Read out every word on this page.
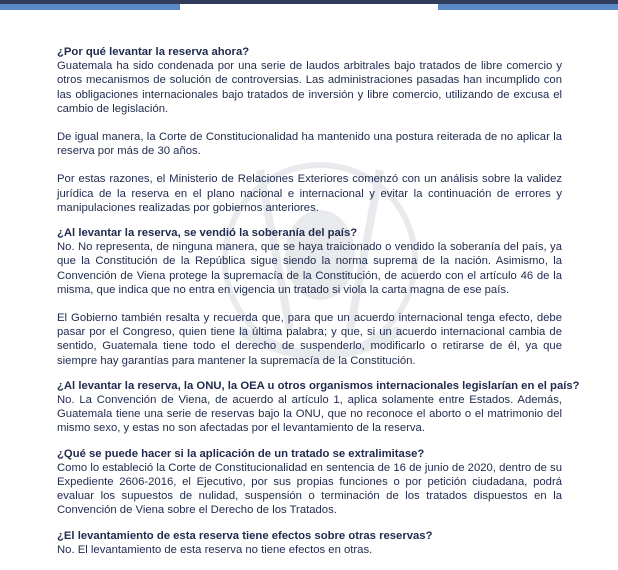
¿Por qué levantar la reserva ahora?

Guatemala ha sido condenada por una serie de laudos arbitrales bajo tratados de libre comercio y otros mecanismos de solución de controversias. Las administraciones pasadas han incumplido con las obligaciones internacionales bajo tratados de inversión y libre comercio, utilizando de excusa el cambio de legislación.

De igual manera, la Corte de Constitucionalidad ha mantenido una postura reiterada de no aplicar la reserva por más de 30 años.

Por estas razones, el Ministerio de Relaciones Exteriores comenzó con un análisis sobre la validez jurídica de la reserva en el plano nacional e internacional y evitar la continuación de errores y manipulaciones realizadas por gobiernos anteriores.

¿Al levantar la reserva, se vendió la soberanía del país?

No. No representa, de ninguna manera, que se haya traicionado o vendido la soberanía del país, ya que la Constitución de la República sigue siendo la norma suprema de la nación. Asimismo, la Convención de Viena protege la supremacía de la Constitución, de acuerdo con el artículo 46 de la misma, que indica que no entra en vigencia un tratado si viola la carta magna de ese país.

El Gobierno también resalta y recuerda que, para que un acuerdo internacional tenga efecto, debe pasar por el Congreso, quien tiene la última palabra; y que, si un acuerdo internacional cambia de sentido, Guatemala tiene todo el derecho de suspenderlo, modificarlo o retirarse de él, ya que siempre hay garantías para mantener la supremacía de la Constitución.

¿Al levantar la reserva, la ONU, la OEA u otros organismos internacionales legislarían en el país?

No. La Convención de Viena, de acuerdo al artículo 1, aplica solamente entre Estados. Además, Guatemala tiene una serie de reservas bajo la ONU, que no reconoce el aborto o el matrimonio del mismo sexo, y estas no son afectadas por el levantamiento de la reserva.

¿Qué se puede hacer si la aplicación de un tratado se extralimitase?

Como lo estableció la Corte de Constitucionalidad en sentencia de 16 de junio de 2020, dentro de su Expediente 2606-2016, el Ejecutivo, por sus propias funciones o por petición ciudadana, podrá evaluar los supuestos de nulidad, suspensión o terminación de los tratados dispuestos en la Convención de Viena sobre el Derecho de los Tratados.

¿El levantamiento de esta reserva tiene efectos sobre otras reservas?

No. El levantamiento de esta reserva no tiene efectos en otras.
